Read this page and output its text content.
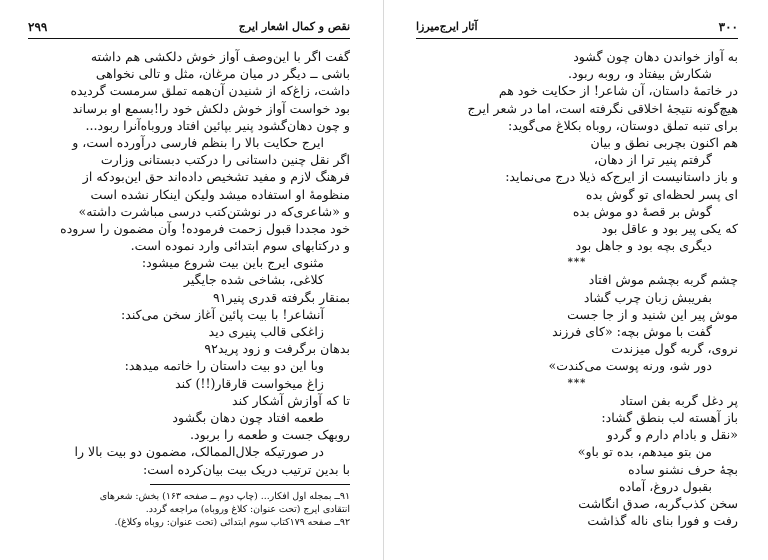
۲۹۹	نقص و کمال اشعار ایرج
گفت اگر با این‌وصف آواز خوش دلکشی هم داشته
باشی ــ دیگر در میان مرغان، مثل و تالی نخواهی
داشت، زاغ‌که از شنیدن آن‌همه تملق سرمست گردیده
بود خواست آواز خوش دلکش خود را!بسمع او برساند
و چون دهان‌گشود پنیر بپائین افتاد وروباه‌آنرا ربود...
ایرج حکایت بالا را بنظم فارسی درآورده است، و
اگر نقل چنین داستانی را درکتب دبستانی وزارت
فرهنگ لازم و مفید تشخیص داده‌اند حق این‌بودکه از
منظومهٔ او استفاده میشد ولیکن اینکار نشده است
و «شاعری‌که در نوشتن‌کتب درسی مباشرت داشته»
خود مجددا قبول زحمت فرموده! وآن مضمون را سروده
و درکتابهای سوم ابتدائی وارد نموده است.
مثنوی ایرج باین بیت شروع میشود:
کلاغی، بشاخی شده جایگیر
بمنقار بگرفته قدری پنیر۹۱
آنشاعر! با بیت پائین آغاز سخن می‌کند:
زاغکی قالب پنیری دید
بدهان برگرفت و زود پرید۹۲
وبا این دو بیت داستان را خاتمه میدهد:
زاغ میخواست قارقار(!!) کند
تا که آوازش آشکار کند
طعمه افتاد چون دهان بگشود
روبهک جست و طعمه را بربود.
در صورتیکه جلال‌الممالک، مضمون دو بیت بالا را
با بدین ترتیب دریک بیت بیان‌کرده است:
۹۱ــ بمجله اول افکار... (چاپ دوم ــ صفحه ۱۶۳) بخش: شعرهای
انتقادی ایرج (تحت عنوان: کلاغ وروباه) مراجعه گردد.
۹۲ــ صفحه ۱۷۹کتاب سوم ابتدائی (تحت عنوان: روباه وکلاغ).
آثار ایرج‌میرزا	۳۰۰
به آواز خواندن دهان چون گشود
شکارش بیفتاد و، روبه ربود.
در خاتمهٔ داستان، آن شاعر! از حکایت خود هم
هیچ‌گونه نتیجهٔ اخلاقی نگرفته است، اما در شعر ایرج
برای تنبه تملق دوستان، روباه بکلاغ می‌گوید:
هم اکنون بچربی نطق و بیان
گرفتم پنیر ترا از دهان،
و باز داستانیست از ایرج‌که ذیلا درج می‌نماید:
ای پسر لحظه‌ای تو گوش بده
گوش بر قصهٔ دو موش بده
که یکی پیر بود و عاقل بود
دیگری بچه بود و جاهل بود
***
چشم گربه بچشم موش افتاد
بفریبش زبان چرب گشاد
موش پیر این شنید و از جا جست
گفت با موش بچه: «کای فرزند
نروی، گربه گول میزندت
دور شو، ورنه پوست می‌کندت»
***
پر دغل گربه بفن استاد
باز آهسته لب بنطق گشاد:
«نقل و بادام دارم و گردو
من بتو میدهم، بده تو باو»
بچهٔ حرف نشنو ساده
بقبول دروغ، آماده
سخن کذب‌گربه، صدق انگاشت
رفت و فورا بنای ناله گذاشت
